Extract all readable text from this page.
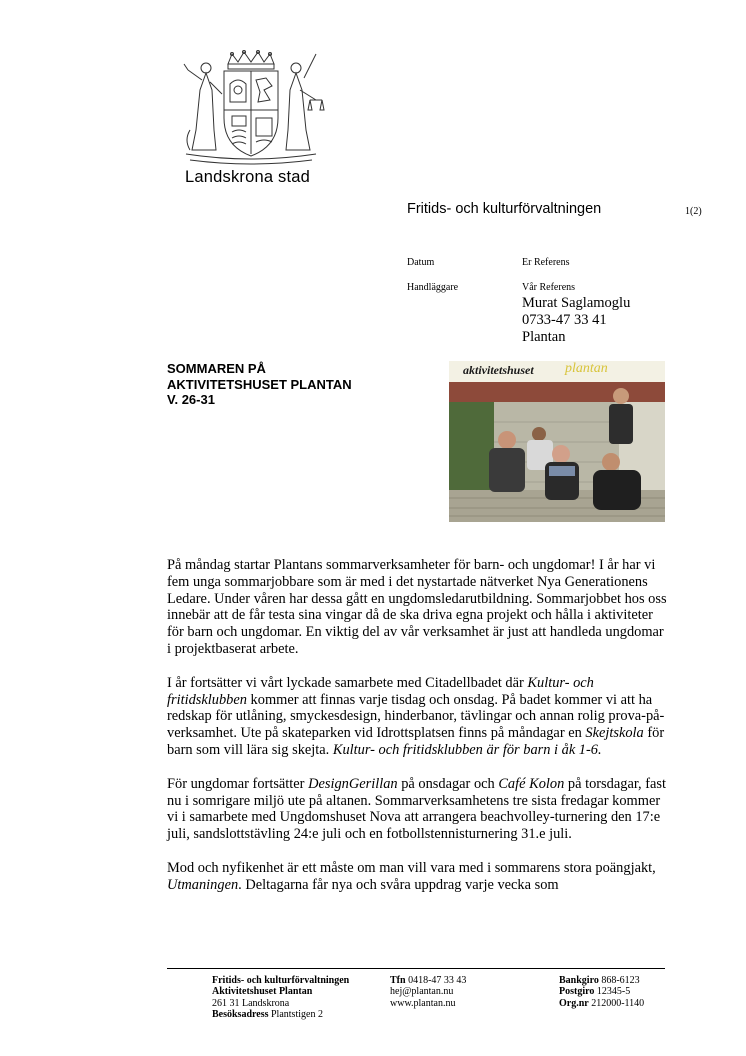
Landskrona stad
Fritids- och kulturförvaltningen	1(2)
Datum	Er Referens
Handläggare	Vår Referens
Murat Saglamoglu
0733-47 33 41
Plantan
SOMMAREN PÅ
AKTIVITETSHUSET PLANTAN
V. 26-31
aktivitetshuset plantan

På måndag startar Plantans sommarverksamheter för barn- och ungdomar! I år har vi fem unga sommarjobbare som är med i det nystartade nätverket Nya Generationens Ledare. Under våren har dessa gått en ungdomsledarutbildning. Sommarjobbet hos oss innebär att de får testa sina vingar då de ska driva egna projekt och hålla i aktiviteter för barn och ungdomar. En viktig del av vår verksamhet är just att handleda ungdomar i projektbaserat arbete.

I år fortsätter vi vårt lyckade samarbete med Citadellbadet där Kultur- och fritidsklubben kommer att finnas varje tisdag och onsdag. På badet kommer vi att ha redskap för utlåning, smyckesdesign, hinderbanor, tävlingar och annan rolig prova-på-verksamhet. Ute på skateparken vid Idrottsplatsen finns på måndagar en Skejtskola för barn som vill lära sig skejta. Kultur- och fritidsklubben är för barn i åk 1-6.

För ungdomar fortsätter DesignGerillan på onsdagar och Café Kolon på torsdagar, fast nu i somrigare miljö ute på altanen. Sommarverksamhetens tre sista fredagar kommer vi i samarbete med Ungdomshuset Nova att arrangera beachvolley-turnering den 17:e juli, sandslottstävling 24:e juli och en fotbollstennisturnering 31.e juli.

Mod och nyfikenhet är ett måste om man vill vara med i sommarens stora poängjakt, Utmaningen. Deltagarna får nya och svåra uppdrag varje vecka som

Fritids- och kulturförvaltningen
Aktivitetshuset Plantan
261 31 Landskrona
Besöksadress Plantstigen 2
Tfn 0418-47 33 43
hej@plantan.nu
www.plantan.nu
Bankgiro 868-6123
Postgiro 12345-5
Org.nr 212000-1140
